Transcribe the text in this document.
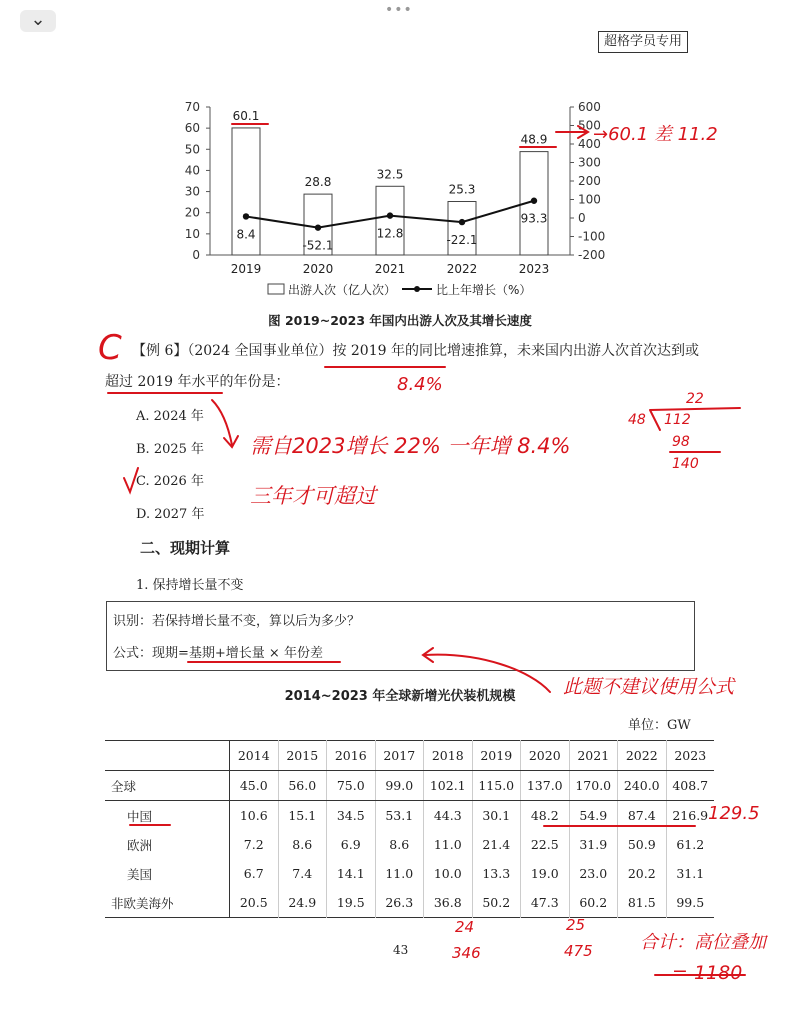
⌄	•••
超格学员专用
0
10
20
30
40
50
60
70
-200
-100
0
100
200
300
400
500
600
60.1
2019
28.8
2020
32.5
2021
25.3
2022
48.9
2023
8.4
-52.1
12.8	-22.1
93.3
出游人次（亿人次）	比上年增长（%）
图 2019~2023 年国内出游人次及其增长速度
【例 6】（2024 全国事业单位）按 2019 年的同比增速推算，未来国内出游人次首次达到或
超过 2019 年水平的年份是：
A. 2024 年
B. 2025 年
C. 2026 年
D. 2027 年
二、现期计算
1. 保持增长量不变
识别：若保持增长量不变，算以后为多少？
公式：现期=基期+增长量 × 年份差
2014~2023 年全球新增光伏装机规模
单位：GW
	2014	2015	2016	2017	2018	2019	2020	2021	2022	2023
全球	45.0	56.0	75.0	99.0	102.1	115.0	137.0	170.0	240.0	408.7
中国	10.6	15.1	34.5	53.1	44.3	30.1	48.2	54.9	87.4	216.9
欧洲	7.2	8.6	6.9	8.6	11.0	21.4	22.5	31.9	50.9	61.2
美国	6.7	7.4	14.1	11.0	10.0	13.3	19.0	23.0	20.2	31.1
非欧美海外	20.5	24.9	19.5	26.3	36.8	50.2	47.3	60.2	81.5	99.5
43
→60.1 差 11.2
C
8.4%
需自2023增长 22% 一年增 8.4%
三年才可超过
22
48 112
98
140
此题不建议使用公式
129.5
24
346
25
475	合计：高位叠加
= 1180
